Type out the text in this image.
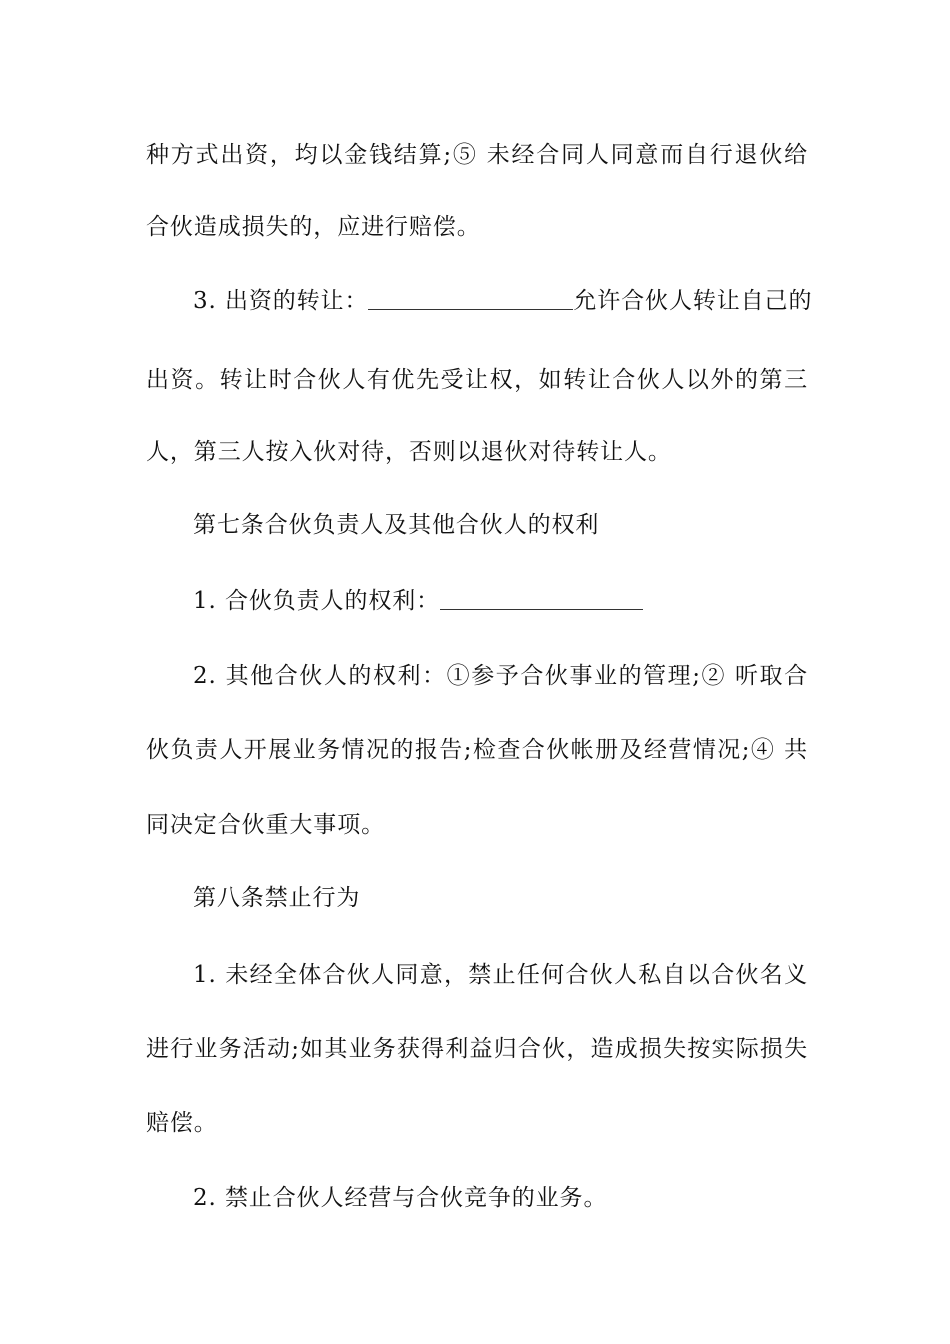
种方式出资，均以金钱结算;⑤ 未经合同人同意而自行退伙给
合伙造成损失的，应进行赔偿。
3. 出资的转让：	允许合伙人转让自己的
出资。转让时合伙人有优先受让权，如转让合伙人以外的第三
人，第三人按入伙对待，否则以退伙对待转让人。
第七条合伙负责人及其他合伙人的权利
1. 合伙负责人的权利：
2. 其他合伙人的权利：①参予合伙事业的管理;② 听取合
伙负责人开展业务情况的报告;检查合伙帐册及经营情况;④ 共
同决定合伙重大事项。
第八条禁止行为
1. 未经全体合伙人同意，禁止任何合伙人私自以合伙名义
进行业务活动;如其业务获得利益归合伙，造成损失按实际损失
赔偿。
2. 禁止合伙人经营与合伙竞争的业务。
